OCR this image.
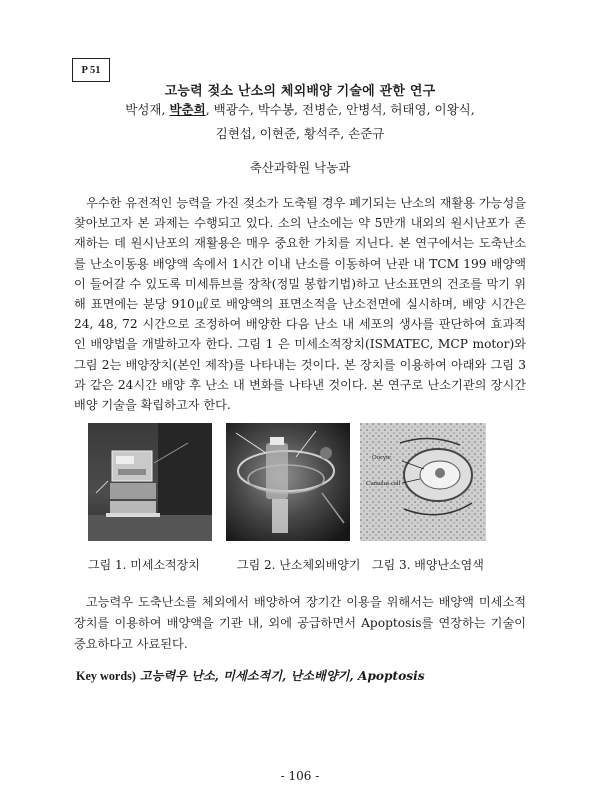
P 51
고능력 젖소 난소의 체외배양 기술에 관한 연구
박성재, 박춘희, 백광수, 박수봉, 전병순, 안병석, 허태영, 이왕식,
김현섭, 이현준, 황석주, 손준규
축산과학원 낙농과
우수한 유전적인 능력을 가진 젖소가 도축될 경우 폐기되는 난소의 재활용 가능성을 찾아보고자 본 과제는 수행되고 있다. 소의 난소에는 약 5만개 내외의 원시난포가 존재하는 데 원시난포의 재활용은 매우 중요한 가치를 지닌다. 본 연구에서는 도축난소를 난소이동용 배양액 속에서 1시간 이내 난소를 이동하여 난관 내 TCM 199 배양액이 들어갈 수 있도록 미세튜브를 장착(정밀 봉합기법)하고 난소표면의 건조를 막기 위해 표면에는 분당 910㎕로 배양액의 표면소적을 난소전면에 실시하며, 배양 시간은 24, 48, 72 시간으로 조정하여 배양한 다음 난소 내 세포의 생사를 판단하여 효과적인 배양법을 개발하고자 한다. 그림 1 은 미세소적장치(ISMATEC, MCP motor)와 그림 2는 배양장치(본인 제작)를 나타내는 것이다. 본 장치를 이용하여 아래와 그림 3과 같은 24시간 배양 후 난소 내 변화를 나타낸 것이다. 본 연구로 난소기관의 장시간 배양 기술을 확립하고자 한다.
Oocyte
Cumulus cell
그림 1. 미세소적장치	그림 2. 난소체외배양기 그림 3. 배양난소염색
고능력우 도축난소를 체외에서 배양하여 장기간 이용을 위해서는 배양액 미세소적장치를 이용하여 배양액을 기관 내, 외에 공급하면서 Apoptosis를 연장하는 기술이 중요하다고 사료된다.
Key words) 고능력우 난소, 미세소적기, 난소배양기, Apoptosis
- 106 -
